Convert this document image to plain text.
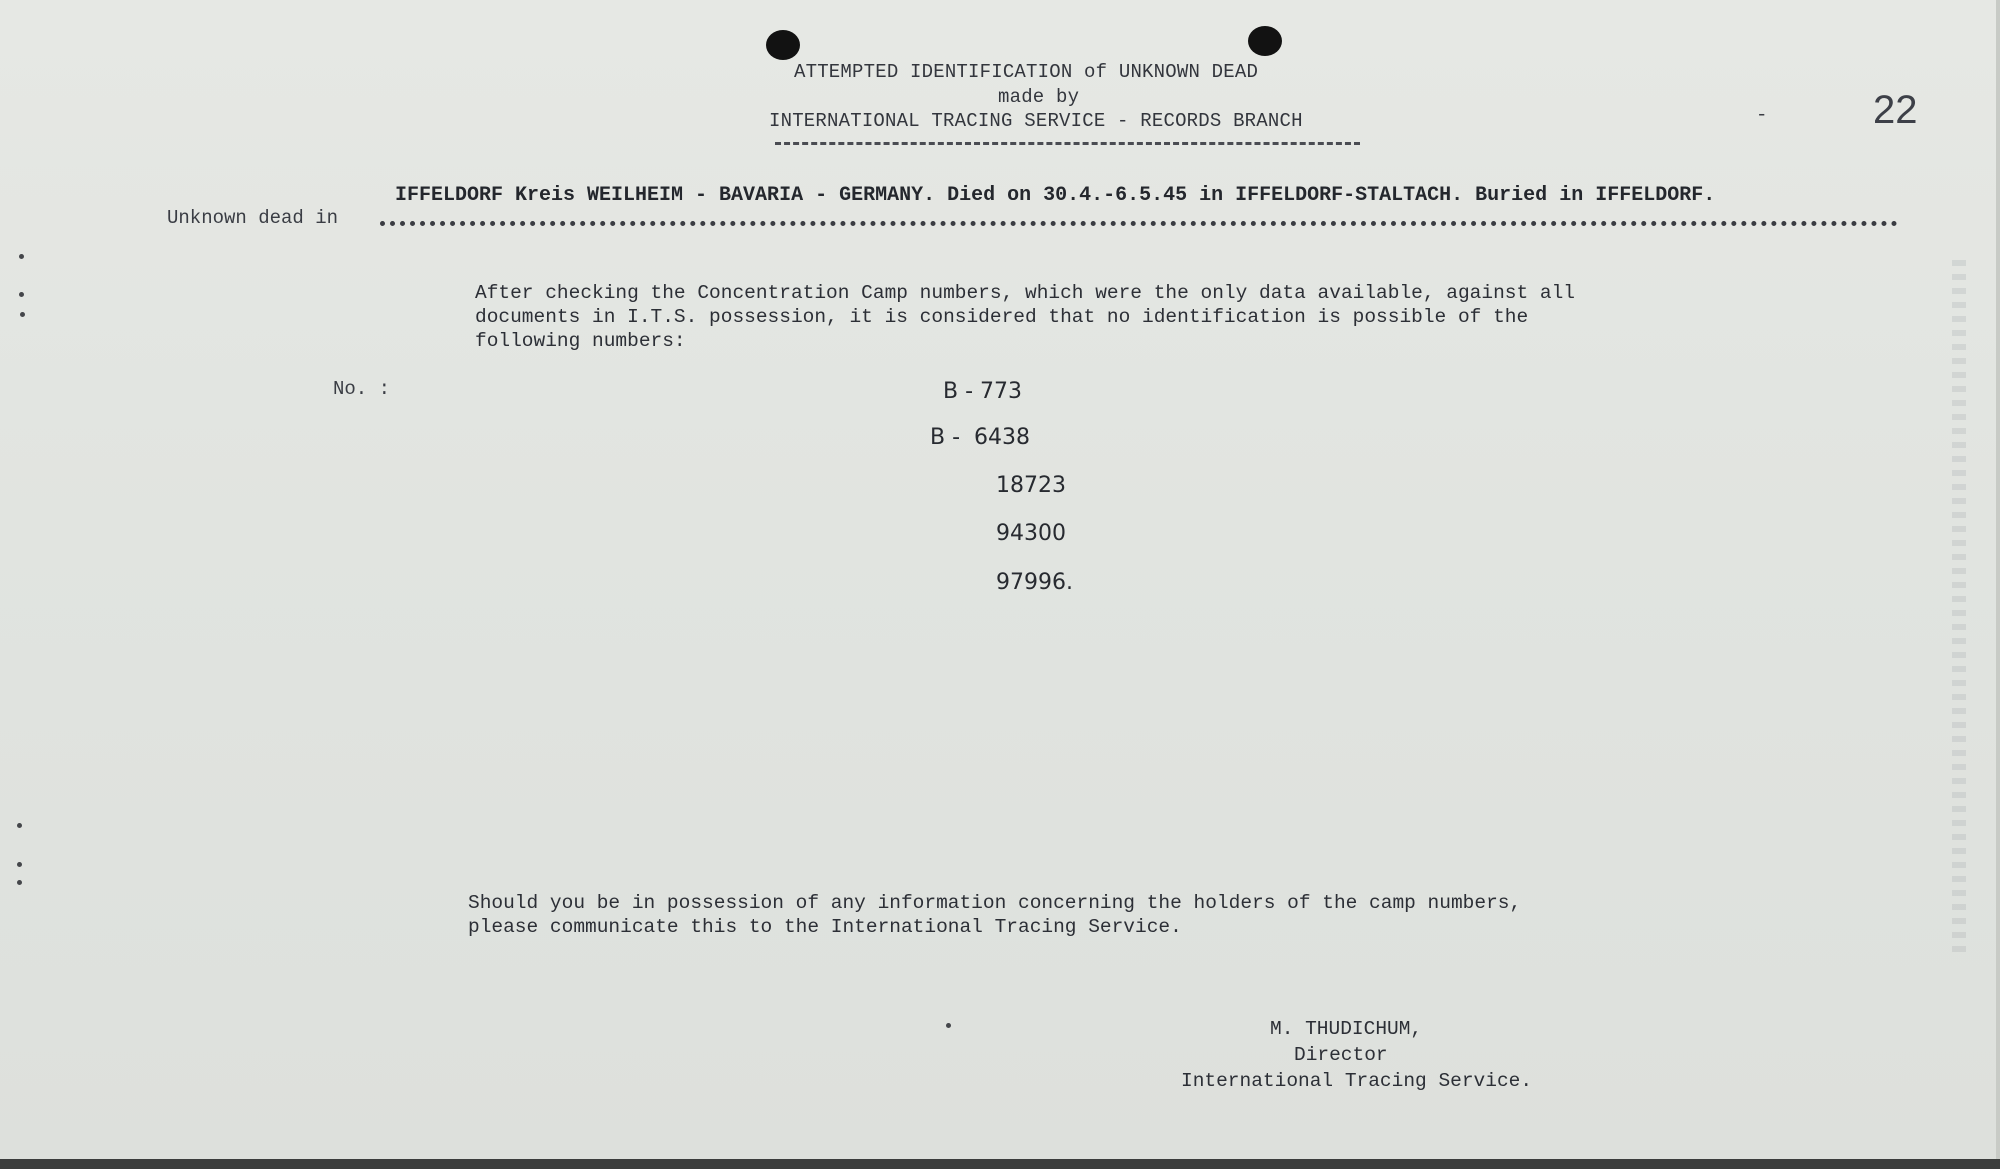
ATTEMPTED IDENTIFICATION of UNKNOWN DEAD
made by
INTERNATIONAL TRACING SERVICE - RECORDS BRANCH	-	22
IFFELDORF Kreis WEILHEIM - BAVARIA - GERMANY. Died on 30.4.-6.5.45 in IFFELDORF-STALTACH. Buried in IFFELDORF.
Unknown dead in
After checking the Concentration Camp numbers, which were the only data available, against all
documents in I.T.S. possession, it is considered that no identification is possible of the
following numbers:
No. :	B - 773
B -  6438
18723
94300
97996.
Should you be in possession of any information concerning the holders of the camp numbers,
please communicate this to the International Tracing Service.
M. THUDICHUM,
Director
International Tracing Service.
